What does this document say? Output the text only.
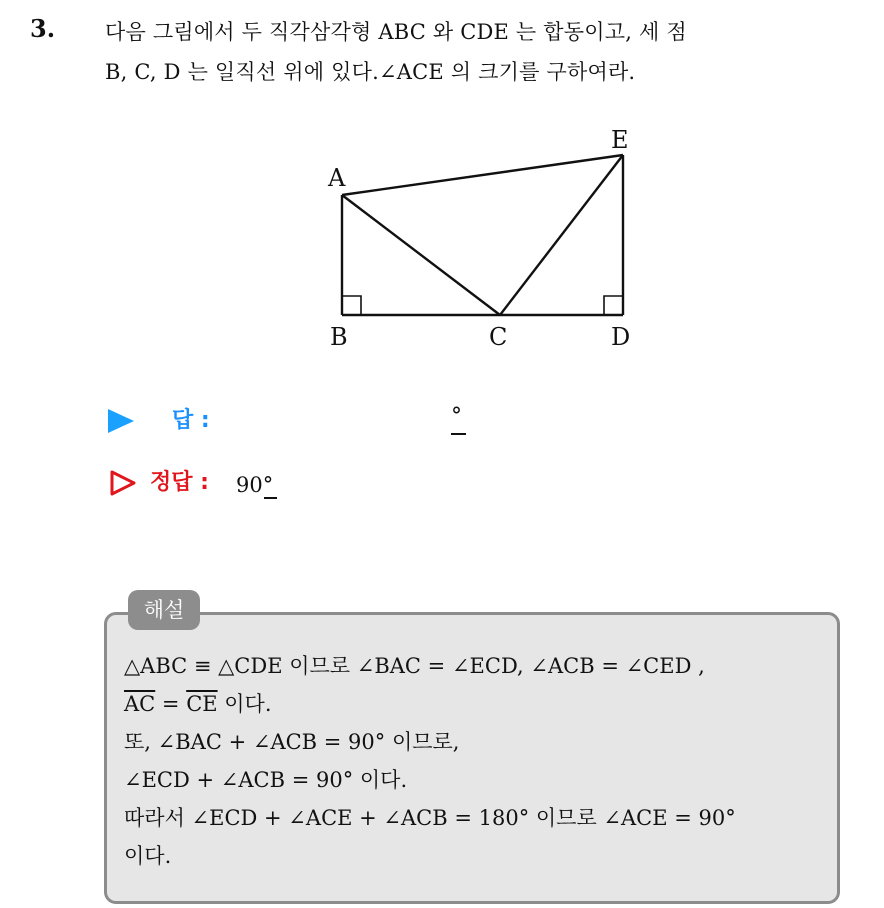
3. 다음 그림에서 두 직각삼각형 ABC 와 CDE 는 합동이고, 세 점
B, C, D 는 일직선 위에 있다.∠ACE 의 크기를 구하여라.
A
B	C	D
E
답 :	°
정답 : 90°
해설
△ABC ≡ △CDE 이므로 ∠BAC = ∠ECD, ∠ACB = ∠CED ,
$\overline{AC} = \overline{CE}$ 이다.
또, ∠BAC + ∠ACB = 90° 이므로,
∠ECD + ∠ACB = 90° 이다.
따라서 ∠ECD + ∠ACE + ∠ACB = 180° 이므로 ∠ACE = 90°
이다.
